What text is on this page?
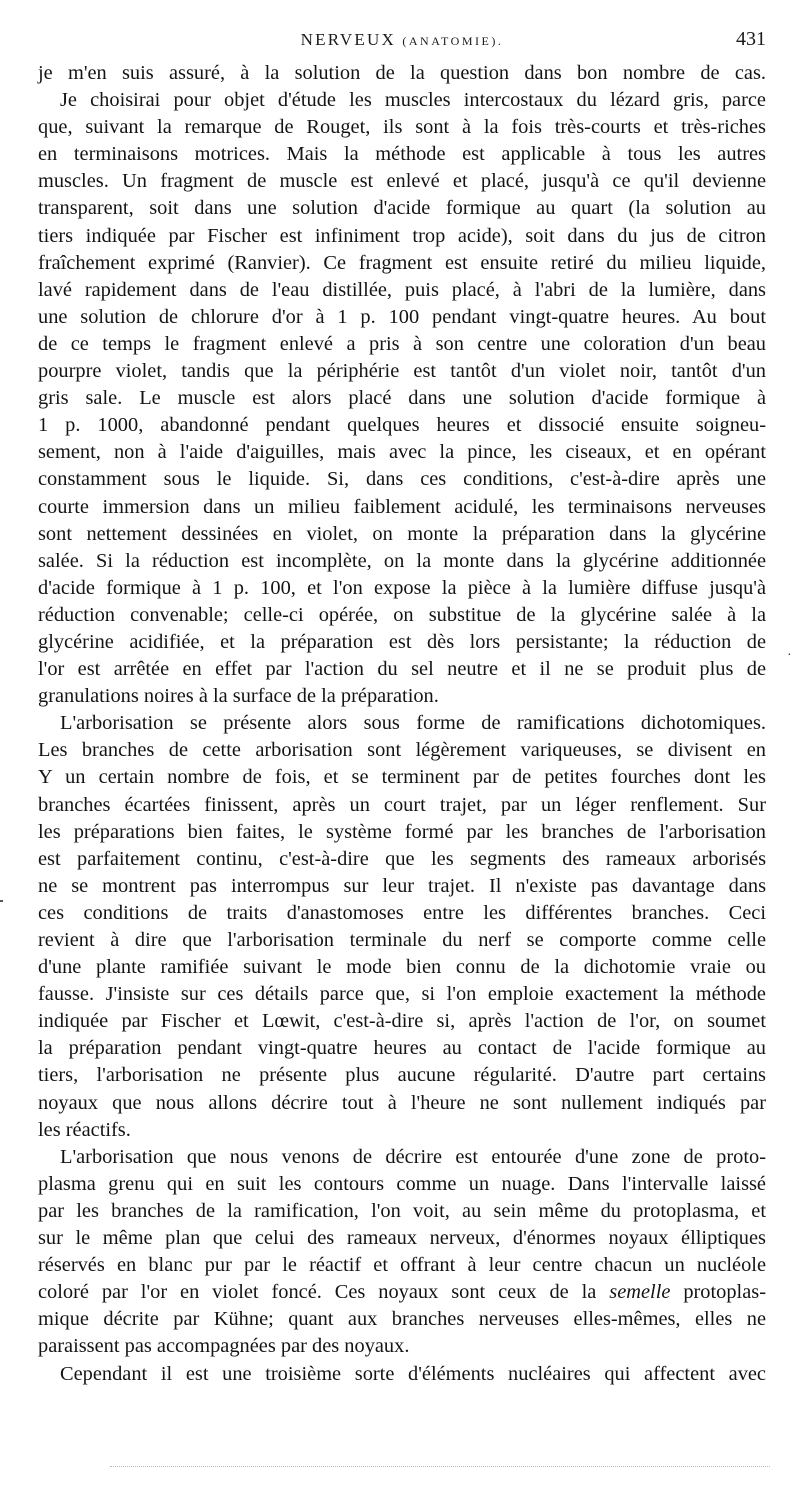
NERVEUX (ANATOMIE).	431
je m'en suis assuré, à la solution de la question dans bon nombre de cas.
Je choisirai pour objet d'étude les muscles intercostaux du lézard gris, parce
que, suivant la remarque de Rouget, ils sont à la fois très-courts et très-riches
en terminaisons motrices. Mais la méthode est applicable à tous les autres
muscles. Un fragment de muscle est enlevé et placé, jusqu'à ce qu'il devienne
transparent, soit dans une solution d'acide formique au quart (la solution au
tiers indiquée par Fischer est infiniment trop acide), soit dans du jus de citron
fraîchement exprimé (Ranvier). Ce fragment est ensuite retiré du milieu liquide,
lavé rapidement dans de l'eau distillée, puis placé, à l'abri de la lumière, dans
une solution de chlorure d'or à 1 p. 100 pendant vingt-quatre heures. Au bout
de ce temps le fragment enlevé a pris à son centre une coloration d'un beau
pourpre violet, tandis que la périphérie est tantôt d'un violet noir, tantôt d'un
gris sale. Le muscle est alors placé dans une solution d'acide formique à
1 p. 1000, abandonné pendant quelques heures et dissocié ensuite soigneu-
sement, non à l'aide d'aiguilles, mais avec la pince, les ciseaux, et en opérant
constamment sous le liquide. Si, dans ces conditions, c'est-à-dire après une
courte immersion dans un milieu faiblement acidulé, les terminaisons nerveuses
sont nettement dessinées en violet, on monte la préparation dans la glycérine
salée. Si la réduction est incomplète, on la monte dans la glycérine additionnée
d'acide formique à 1 p. 100, et l'on expose la pièce à la lumière diffuse jusqu'à
réduction convenable; celle-ci opérée, on substitue de la glycérine salée à la
glycérine acidifiée, et la préparation est dès lors persistante; la réduction de
l'or est arrêtée en effet par l'action du sel neutre et il ne se produit plus de
granulations noires à la surface de la préparation.
L'arborisation se présente alors sous forme de ramifications dichotomiques.
Les branches de cette arborisation sont légèrement variqueuses, se divisent en
Y un certain nombre de fois, et se terminent par de petites fourches dont les
branches écartées finissent, après un court trajet, par un léger renflement. Sur
les préparations bien faites, le système formé par les branches de l'arborisation
est parfaitement continu, c'est-à-dire que les segments des rameaux arborisés
ne se montrent pas interrompus sur leur trajet. Il n'existe pas davantage dans
ces conditions de traits d'anastomoses entre les différentes branches. Ceci
revient à dire que l'arborisation terminale du nerf se comporte comme celle
d'une plante ramifiée suivant le mode bien connu de la dichotomie vraie ou
fausse. J'insiste sur ces détails parce que, si l'on emploie exactement la méthode
indiquée par Fischer et Lœwit, c'est-à-dire si, après l'action de l'or, on soumet
la préparation pendant vingt-quatre heures au contact de l'acide formique au
tiers, l'arborisation ne présente plus aucune régularité. D'autre part certains
noyaux que nous allons décrire tout à l'heure ne sont nullement indiqués par
les réactifs.
L'arborisation que nous venons de décrire est entourée d'une zone de proto-
plasma grenu qui en suit les contours comme un nuage. Dans l'intervalle laissé
par les branches de la ramification, l'on voit, au sein même du protoplasma, et
sur le même plan que celui des rameaux nerveux, d'énormes noyaux élliptiques
réservés en blanc pur par le réactif et offrant à leur centre chacun un nucléole
coloré par l'or en violet foncé. Ces noyaux sont ceux de la semelle protoplas-
mique décrite par Kühne; quant aux branches nerveuses elles-mêmes, elles ne
paraissent pas accompagnées par des noyaux.
Cependant il est une troisième sorte d'éléments nucléaires qui affectent avec
·
